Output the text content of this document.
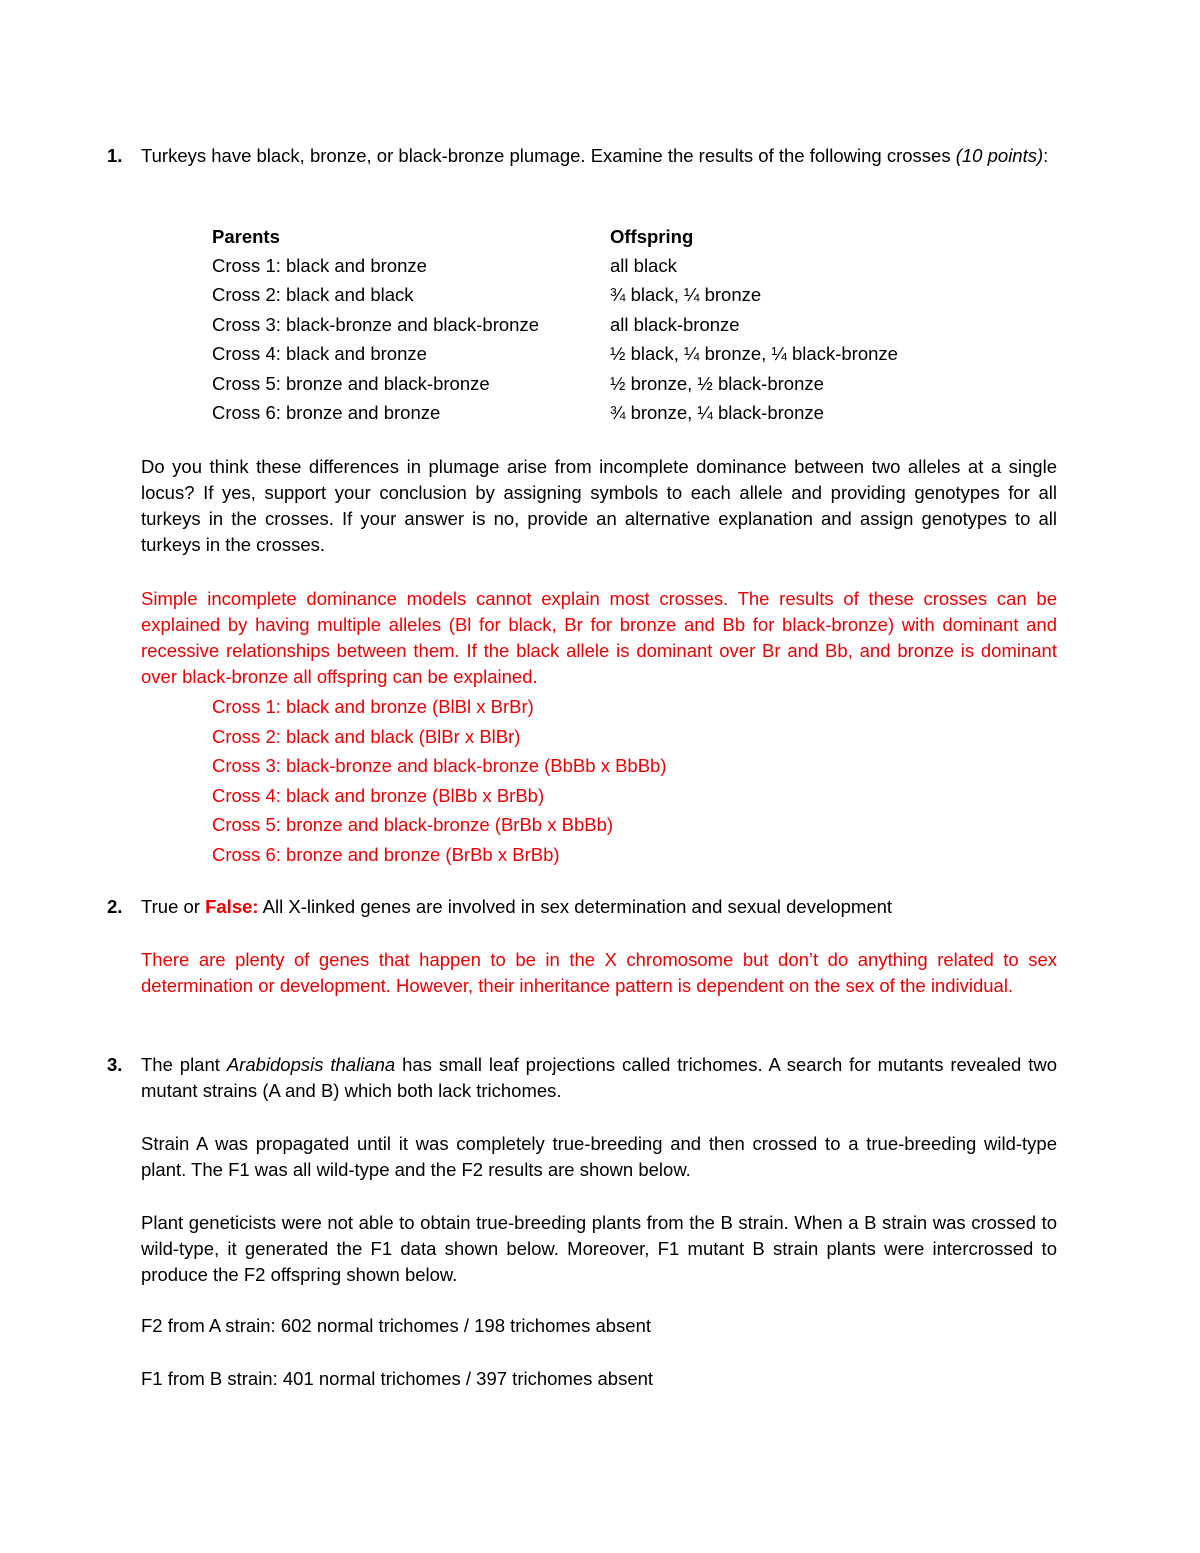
1. Turkeys have black, bronze, or black-bronze plumage. Examine the results of the following crosses (10 points):
Parents	Offspring
Cross 1: black and bronze	all black
Cross 2: black and black	¾ black, ¼ bronze
Cross 3: black-bronze and black-bronze	all black-bronze
Cross 4: black and bronze	½ black, ¼ bronze, ¼ black-bronze
Cross 5: bronze and black-bronze	½ bronze, ½ black-bronze
Cross 6: bronze and bronze	¾ bronze, ¼ black-bronze

Do you think these differences in plumage arise from incomplete dominance between two alleles at a single locus? If yes, support your conclusion by assigning symbols to each allele and providing genotypes for all turkeys in the crosses. If your answer is no, provide an alternative explanation and assign genotypes to all turkeys in the crosses.

Simple incomplete dominance models cannot explain most crosses. The results of these crosses can be explained by having multiple alleles (Bl for black, Br for bronze and Bb for black-bronze) with dominant and recessive relationships between them. If the black allele is dominant over Br and Bb, and bronze is dominant over black-bronze all offspring can be explained.

Cross 1: black and bronze (BlBl x BrBr)
Cross 2: black and black (BlBr x BlBr)
Cross 3: black-bronze and black-bronze (BbBb x BbBb)
Cross 4: black and bronze (BlBb x BrBb)
Cross 5: bronze and black-bronze (BrBb x BbBb)
Cross 6: bronze and bronze (BrBb x BrBb)
2. True or False: All X-linked genes are involved in sex determination and sexual development

There are plenty of genes that happen to be in the X chromosome but don’t do anything related to sex determination or development. However, their inheritance pattern is dependent on the sex of the individual.

3. The plant Arabidopsis thaliana has small leaf projections called trichomes. A search for mutants revealed two mutant strains (A and B) which both lack trichomes.

Strain A was propagated until it was completely true-breeding and then crossed to a true-breeding wild-type plant. The F1 was all wild-type and the F2 results are shown below.

Plant geneticists were not able to obtain true-breeding plants from the B strain. When a B strain was crossed to wild-type, it generated the F1 data shown below. Moreover, F1 mutant B strain plants were intercrossed to produce the F2 offspring shown below.

F2 from A strain: 602 normal trichomes / 198 trichomes absent
F1 from B strain: 401 normal trichomes / 397 trichomes absent
